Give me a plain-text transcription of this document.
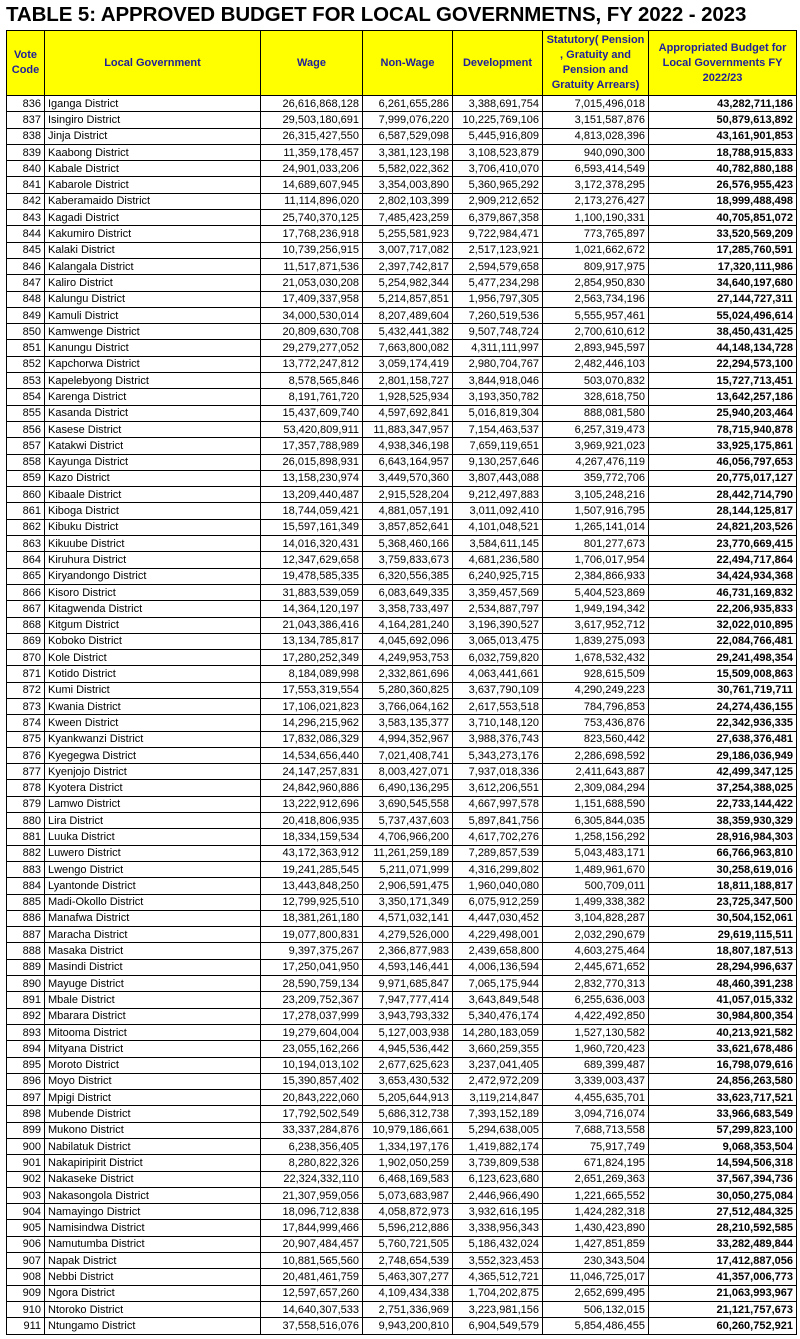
TABLE 5: APPROVED BUDGET FOR LOCAL GOVERNMETNS, FY 2022 - 2023
Vote Code	Local Government	Wage	Non-Wage	Development	Statutory( Pension , Gratuity and Pension and Gratuity Arrears)	Appropriated Budget for Local Governments FY 2022/23
836	Iganga District	26,616,868,128	6,261,655,286	3,388,691,754	7,015,496,018	43,282,711,186
837	Isingiro District	29,503,180,691	7,999,076,220	10,225,769,106	3,151,587,876	50,879,613,892
838	Jinja District	26,315,427,550	6,587,529,098	5,445,916,809	4,813,028,396	43,161,901,853
839	Kaabong District	11,359,178,457	3,381,123,198	3,108,523,879	940,090,300	18,788,915,833
840	Kabale District	24,901,033,206	5,582,022,362	3,706,410,070	6,593,414,549	40,782,880,188
841	Kabarole District	14,689,607,945	3,354,003,890	5,360,965,292	3,172,378,295	26,576,955,423
842	Kaberamaido District	11,114,896,020	2,802,103,399	2,909,212,652	2,173,276,427	18,999,488,498
843	Kagadi District	25,740,370,125	7,485,423,259	6,379,867,358	1,100,190,331	40,705,851,072
844	Kakumiro District	17,768,236,918	5,255,581,923	9,722,984,471	773,765,897	33,520,569,209
845	Kalaki District	10,739,256,915	3,007,717,082	2,517,123,921	1,021,662,672	17,285,760,591
846	Kalangala District	11,517,871,536	2,397,742,817	2,594,579,658	809,917,975	17,320,111,986
847	Kaliro District	21,053,030,208	5,254,982,344	5,477,234,298	2,854,950,830	34,640,197,680
848	Kalungu District	17,409,337,958	5,214,857,851	1,956,797,305	2,563,734,196	27,144,727,311
849	Kamuli District	34,000,530,014	8,207,489,604	7,260,519,536	5,555,957,461	55,024,496,614
850	Kamwenge District	20,809,630,708	5,432,441,382	9,507,748,724	2,700,610,612	38,450,431,425
851	Kanungu District	29,279,277,052	7,663,800,082	4,311,111,997	2,893,945,597	44,148,134,728
852	Kapchorwa District	13,772,247,812	3,059,174,419	2,980,704,767	2,482,446,103	22,294,573,100
853	Kapelebyong District	8,578,565,846	2,801,158,727	3,844,918,046	503,070,832	15,727,713,451
854	Karenga District	8,191,761,720	1,928,525,934	3,193,350,782	328,618,750	13,642,257,186
855	Kasanda District	15,437,609,740	4,597,692,841	5,016,819,304	888,081,580	25,940,203,464
856	Kasese District	53,420,809,911	11,883,347,957	7,154,463,537	6,257,319,473	78,715,940,878
857	Katakwi District	17,357,788,989	4,938,346,198	7,659,119,651	3,969,921,023	33,925,175,861
858	Kayunga District	26,015,898,931	6,643,164,957	9,130,257,646	4,267,476,119	46,056,797,653
859	Kazo District	13,158,230,974	3,449,570,360	3,807,443,088	359,772,706	20,775,017,127
860	Kibaale District	13,209,440,487	2,915,528,204	9,212,497,883	3,105,248,216	28,442,714,790
861	Kiboga District	18,744,059,421	4,881,057,191	3,011,092,410	1,507,916,795	28,144,125,817
862	Kibuku District	15,597,161,349	3,857,852,641	4,101,048,521	1,265,141,014	24,821,203,526
863	Kikuube District	14,016,320,431	5,368,460,166	3,584,611,145	801,277,673	23,770,669,415
864	Kiruhura District	12,347,629,658	3,759,833,673	4,681,236,580	1,706,017,954	22,494,717,864
865	Kiryandongo District	19,478,585,335	6,320,556,385	6,240,925,715	2,384,866,933	34,424,934,368
866	Kisoro District	31,883,539,059	6,083,649,335	3,359,457,569	5,404,523,869	46,731,169,832
867	Kitagwenda District	14,364,120,197	3,358,733,497	2,534,887,797	1,949,194,342	22,206,935,833
868	Kitgum District	21,043,386,416	4,164,281,240	3,196,390,527	3,617,952,712	32,022,010,895
869	Koboko District	13,134,785,817	4,045,692,096	3,065,013,475	1,839,275,093	22,084,766,481
870	Kole District	17,280,252,349	4,249,953,753	6,032,759,820	1,678,532,432	29,241,498,354
871	Kotido District	8,184,089,998	2,332,861,696	4,063,441,661	928,615,509	15,509,008,863
872	Kumi District	17,553,319,554	5,280,360,825	3,637,790,109	4,290,249,223	30,761,719,711
873	Kwania District	17,106,021,823	3,766,064,162	2,617,553,518	784,796,853	24,274,436,155
874	Kween District	14,296,215,962	3,583,135,377	3,710,148,120	753,436,876	22,342,936,335
875	Kyankwanzi District	17,832,086,329	4,994,352,967	3,988,376,743	823,560,442	27,638,376,481
876	Kyegegwa District	14,534,656,440	7,021,408,741	5,343,273,176	2,286,698,592	29,186,036,949
877	Kyenjojo District	24,147,257,831	8,003,427,071	7,937,018,336	2,411,643,887	42,499,347,125
878	Kyotera District	24,842,960,886	6,490,136,295	3,612,206,551	2,309,084,294	37,254,388,025
879	Lamwo District	13,222,912,696	3,690,545,558	4,667,997,578	1,151,688,590	22,733,144,422
880	Lira District	20,418,806,935	5,737,437,603	5,897,841,756	6,305,844,035	38,359,930,329
881	Luuka District	18,334,159,534	4,706,966,200	4,617,702,276	1,258,156,292	28,916,984,303
882	Luwero District	43,172,363,912	11,261,259,189	7,289,857,539	5,043,483,171	66,766,963,810
883	Lwengo District	19,241,285,545	5,211,071,999	4,316,299,802	1,489,961,670	30,258,619,016
884	Lyantonde District	13,443,848,250	2,906,591,475	1,960,040,080	500,709,011	18,811,188,817
885	Madi-Okollo District	12,799,925,510	3,350,171,349	6,075,912,259	1,499,338,382	23,725,347,500
886	Manafwa District	18,381,261,180	4,571,032,141	4,447,030,452	3,104,828,287	30,504,152,061
887	Maracha District	19,077,800,831	4,279,526,000	4,229,498,001	2,032,290,679	29,619,115,511
888	Masaka District	9,397,375,267	2,366,877,983	2,439,658,800	4,603,275,464	18,807,187,513
889	Masindi District	17,250,041,950	4,593,146,441	4,006,136,594	2,445,671,652	28,294,996,637
890	Mayuge District	28,590,759,134	9,971,685,847	7,065,175,944	2,832,770,313	48,460,391,238
891	Mbale District	23,209,752,367	7,947,777,414	3,643,849,548	6,255,636,003	41,057,015,332
892	Mbarara District	17,278,037,999	3,943,793,332	5,340,476,174	4,422,492,850	30,984,800,354
893	Mitooma District	19,279,604,004	5,127,003,938	14,280,183,059	1,527,130,582	40,213,921,582
894	Mityana District	23,055,162,266	4,945,536,442	3,660,259,355	1,960,720,423	33,621,678,486
895	Moroto District	10,194,013,102	2,677,625,623	3,237,041,405	689,399,487	16,798,079,616
896	Moyo District	15,390,857,402	3,653,430,532	2,472,972,209	3,339,003,437	24,856,263,580
897	Mpigi District	20,843,222,060	5,205,644,913	3,119,214,847	4,455,635,701	33,623,717,521
898	Mubende District	17,792,502,549	5,686,312,738	7,393,152,189	3,094,716,074	33,966,683,549
899	Mukono District	33,337,284,876	10,979,186,661	5,294,638,005	7,688,713,558	57,299,823,100
900	Nabilatuk District	6,238,356,405	1,334,197,176	1,419,882,174	75,917,749	9,068,353,504
901	Nakapiripirit District	8,280,822,326	1,902,050,259	3,739,809,538	671,824,195	14,594,506,318
902	Nakaseke District	22,324,332,110	6,468,169,583	6,123,623,680	2,651,269,363	37,567,394,736
903	Nakasongola District	21,307,959,056	5,073,683,987	2,446,966,490	1,221,665,552	30,050,275,084
904	Namayingo District	18,096,712,838	4,058,872,973	3,932,616,195	1,424,282,318	27,512,484,325
905	Namisindwa District	17,844,999,466	5,596,212,886	3,338,956,343	1,430,423,890	28,210,592,585
906	Namutumba District	20,907,484,457	5,760,721,505	5,186,432,024	1,427,851,859	33,282,489,844
907	Napak District	10,881,565,560	2,748,654,539	3,552,323,453	230,343,504	17,412,887,056
908	Nebbi District	20,481,461,759	5,463,307,277	4,365,512,721	11,046,725,017	41,357,006,773
909	Ngora District	12,597,657,260	4,109,434,338	1,704,202,875	2,652,699,495	21,063,993,967
910	Ntoroko District	14,640,307,533	2,751,336,969	3,223,981,156	506,132,015	21,121,757,673
911	Ntungamo District	37,558,516,076	9,943,200,810	6,904,549,579	5,854,486,455	60,260,752,921
